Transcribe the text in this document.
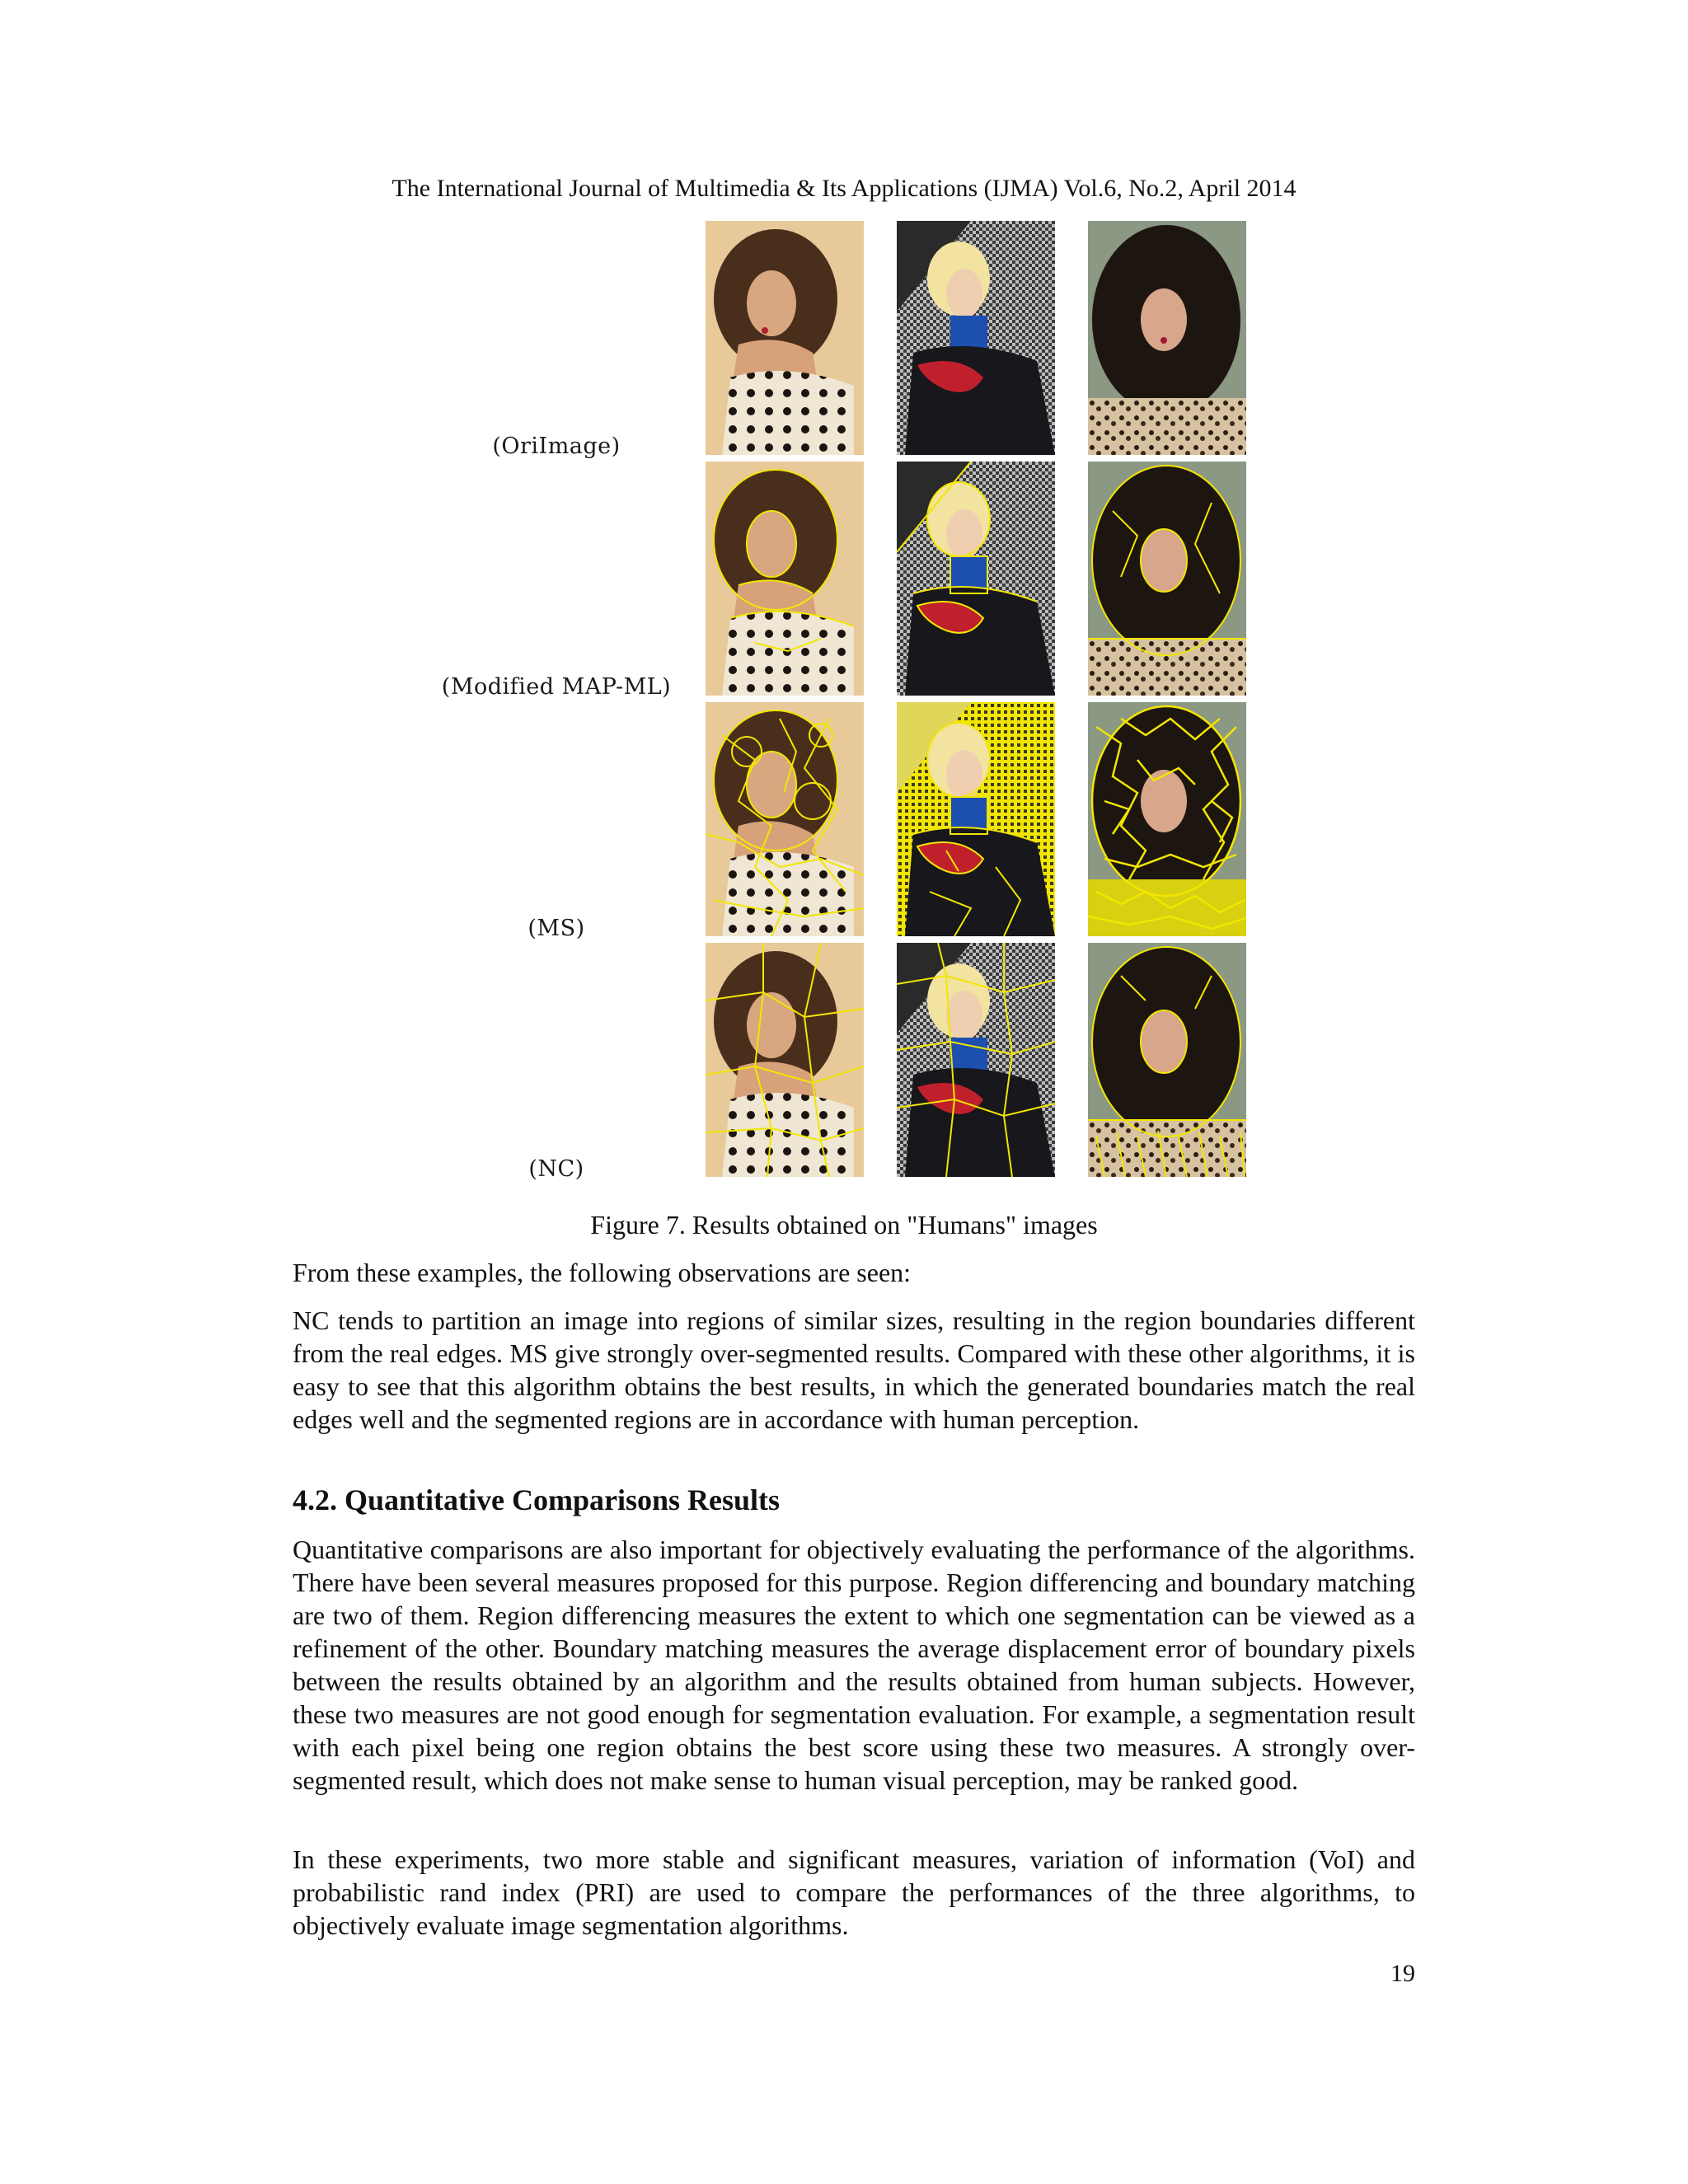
The International Journal of Multimedia & Its Applications (IJMA) Vol.6, No.2, April 2014
(OriImage)
(Modified MAP-ML)
(MS)
(NC)
Figure 7. Results obtained on "Humans" images
From these examples, the following observations are seen:
NC tends to partition an image into regions of similar sizes, resulting in the region boundaries different from the real edges. MS give strongly over-segmented results. Compared with these other algorithms, it is easy to see that this algorithm obtains the best results, in which the generated boundaries match the real edges well and the segmented regions are in accordance with human perception.
4.2. Quantitative Comparisons Results
Quantitative comparisons are also important for objectively evaluating the performance of the algorithms. There have been several measures proposed for this purpose. Region differencing and boundary matching are two of them. Region differencing measures the extent to which one segmentation can be viewed as a refinement of the other. Boundary matching measures the average displacement error of boundary pixels between the results obtained by an algorithm and the results obtained from human subjects. However, these two measures are not good enough for segmentation evaluation. For example, a segmentation result with each pixel being one region obtains the best score using these two measures. A strongly over-segmented result, which does not make sense to human visual perception, may be ranked good.
In these experiments, two more stable and significant measures, variation of information (VoI) and probabilistic rand index (PRI) are used to compare the performances of the three algorithms, to objectively evaluate image segmentation algorithms.
19
